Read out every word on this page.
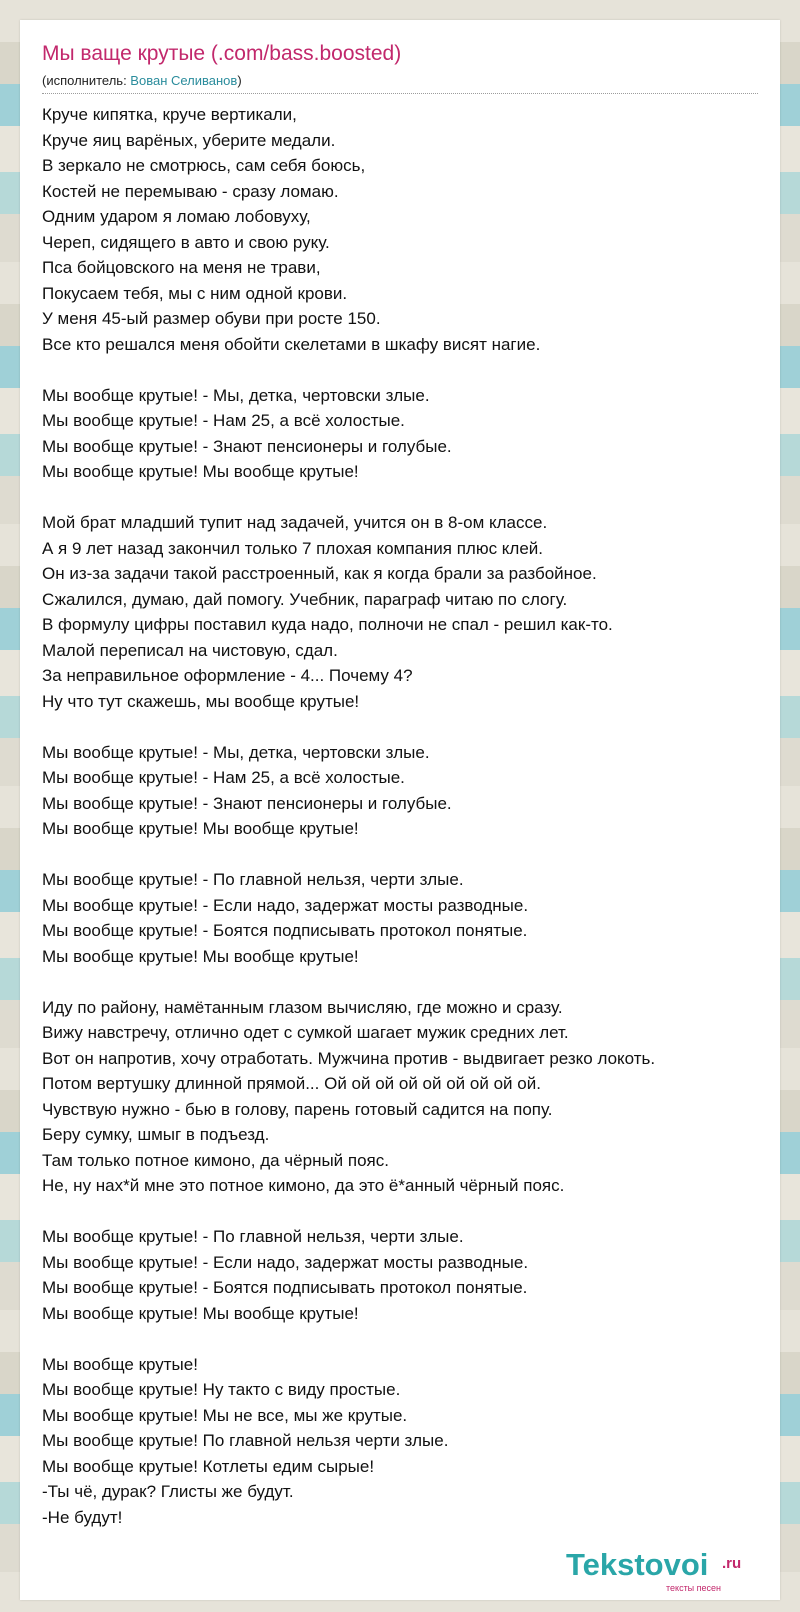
Мы ваще крутые (.com/bass.boosted)
(исполнитель: Вован Селиванов)
Круче кипятка, круче вертикали,
Круче яиц варёных, уберите медали.
В зеркало не смотрюсь, сам себя боюсь,
Костей не перемываю - сразу ломаю.
Одним ударом я ломаю лобовуху,
Череп, сидящего в авто и свою руку.
Пса бойцовского на меня не трави,
Покусаем тебя, мы с ним одной крови.
У меня 45-ый размер обуви при росте 150.
Все кто решался меня обойти скелетами в шкафу висят нагие.
Мы вообще крутые! - Мы, детка, чертовски злые.
Мы вообще крутые! - Нам 25, а всё холостые.
Мы вообще крутые! - Знают пенсионеры и голубые.
Мы вообще крутые! Мы вообще крутые!
Мой брат младший тупит над задачей, учится он в 8-ом классе.
А я 9 лет назад закончил только 7 плохая компания плюс клей.
Он из-за задачи такой расстроенный, как я когда брали за разбойное.
Сжалился, думаю, дай помогу. Учебник, параграф читаю по слогу.
В формулу цифры поставил куда надо, полночи не спал - решил как-то.
Малой переписал на чистовую, сдал.
За неправильное оформление - 4... Почему 4?
Ну что тут скажешь, мы вообще крутые!
Мы вообще крутые! - Мы, детка, чертовски злые.
Мы вообще крутые! - Нам 25, а всё холостые.
Мы вообще крутые! - Знают пенсионеры и голубые.
Мы вообще крутые! Мы вообще крутые!
Мы вообще крутые! - По главной нельзя, черти злые.
Мы вообще крутые! - Если надо, задержат мосты разводные.
Мы вообще крутые! - Боятся подписывать протокол понятые.
Мы вообще крутые! Мы вообще крутые!
Иду по району, намётанным глазом вычисляю, где можно и сразу.
Вижу навстречу, отлично одет с сумкой шагает мужик средних лет.
Вот он напротив, хочу отработать. Мужчина против - выдвигает резко локоть.
Потом вертушку длинной прямой... Ой ой ой ой ой ой ой ой ой.
Чувствую нужно - бью в голову, парень готовый садится на попу.
Беру сумку, шмыг в подъезд.
Там только потное кимоно, да чёрный пояс.
Не, ну нах*й мне это потное кимоно, да это ё*анный чёрный пояс.
Мы вообще крутые! - По главной нельзя, черти злые.
Мы вообще крутые! - Если надо, задержат мосты разводные.
Мы вообще крутые! - Боятся подписывать протокол понятые.
Мы вообще крутые! Мы вообще крутые!
Мы вообще крутые!
Мы вообще крутые! Ну такто с виду простые.
Мы вообще крутые! Мы не все, мы же крутые.
Мы вообще крутые! По главной нельзя черти злые.
Мы вообще крутые! Котлеты едим сырые!
-Ты чё, дурак? Глисты же будут.
-Не будут!
Tekstovoi .ru
тексты песен
